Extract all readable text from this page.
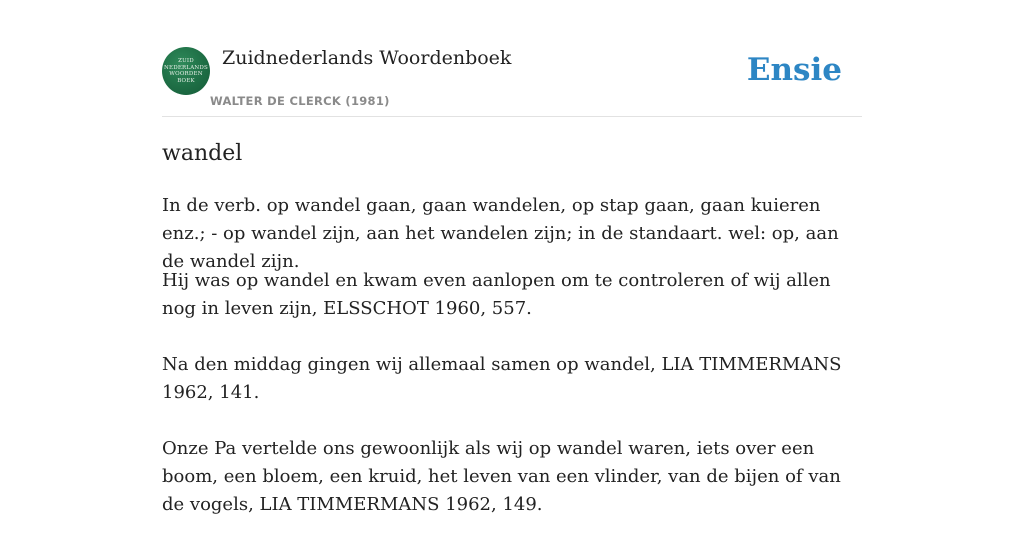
ZUID
NEDERLANDS
WOORDEN
BOEK
Zuidnederlands Woordenboek
WALTER DE CLERCK (1981)
Ensie
wandel

In de verb. op wandel gaan, gaan wandelen, op stap gaan, gaan kuieren enz.; - op wandel zijn, aan het wandelen zijn; in de standaart. wel: op, aan de wandel zijn.

Hij was op wandel en kwam even aanlopen om te controleren of wij allen nog in leven zijn, ELSSCHOT 1960, 557.

Na den middag gingen wij allemaal samen op wandel, LIA TIMMERMANS 1962, 141.

Onze Pa vertelde ons gewoonlijk als wij op wandel waren, iets over een boom, een bloem, een kruid, het leven van een vlinder, van de bijen of van de vogels, LIA TIMMERMANS 1962, 149.
